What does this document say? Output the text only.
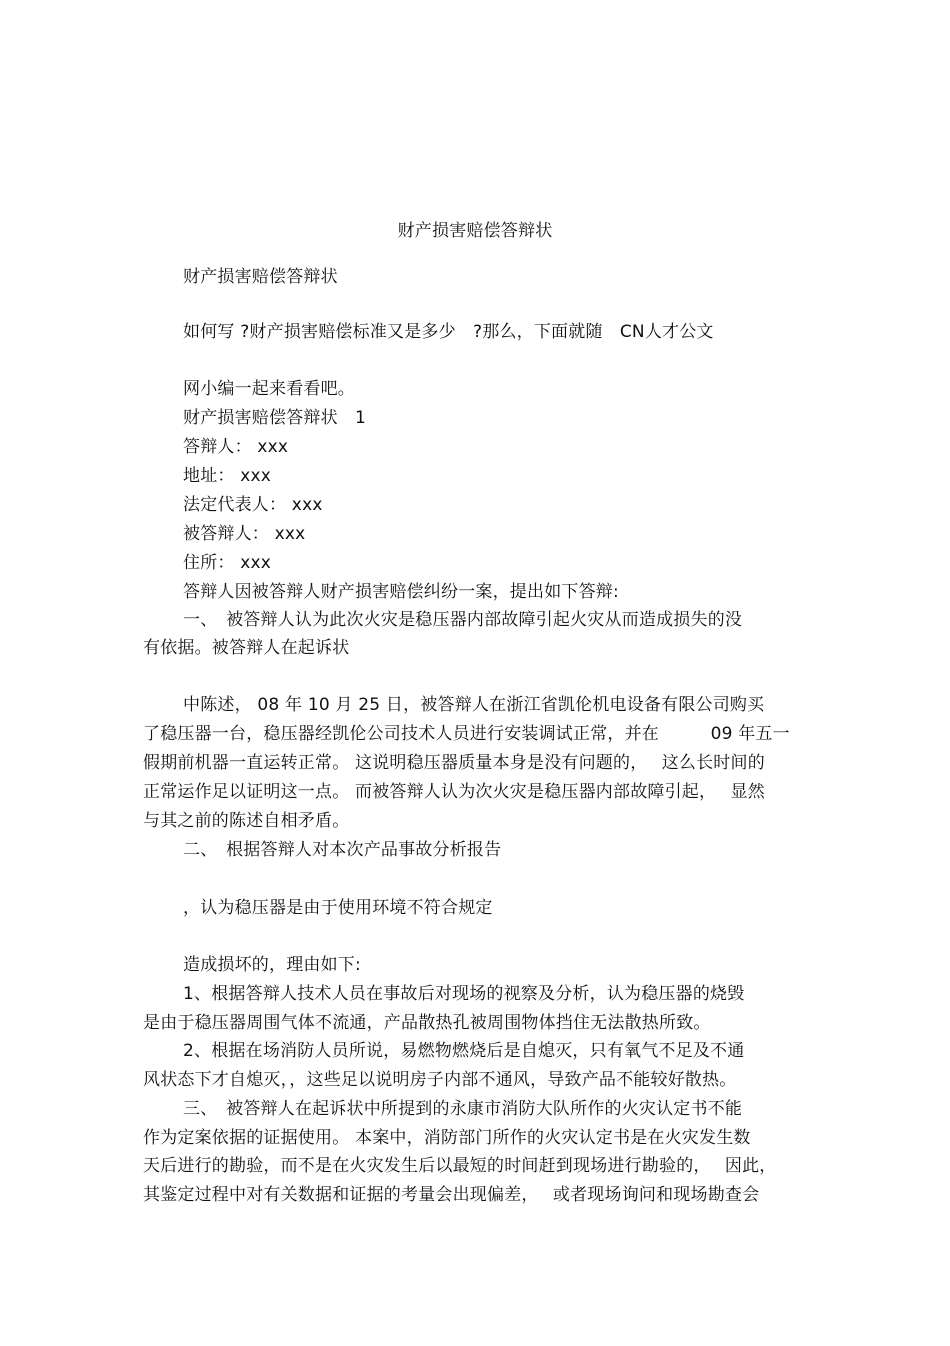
财产损害赔偿答辩状
财产损害赔偿答辩状
如何写 ?财产损害赔偿标准又是多少　?那么，下面就随　CN人才公文
网小编一起来看看吧。
财产损害赔偿答辩状　1
答辩人： xxx
地址： xxx
法定代表人： xxx
被答辩人： xxx
住所： xxx
答辩人因被答辩人财产损害赔偿纠纷一案，提出如下答辩:
一、　被答辩人认为此次火灾是稳压器内部故障引起火灾从而造成损失的没
有依据。被答辩人在起诉状
中陈述， 08 年 10 月 25 日，被答辩人在浙江省凯伦机电设备有限公司购买
了稳压器一台，稳压器经凯伦公司技术人员进行安装调试正常，并在　　　09 年五一
假期前机器一直运转正常。 这说明稳压器质量本身是没有问题的，　 这么长时间的
正常运作足以证明这一点。 而被答辩人认为次火灾是稳压器内部故障引起，　 显然
与其之前的陈述自相矛盾。
二、　根据答辩人对本次产品事故分析报告
，认为稳压器是由于使用环境不符合规定
造成损坏的，理由如下:
1、根据答辩人技术人员在事故后对现场的视察及分析，认为稳压器的烧毁
是由于稳压器周围气体不流通，产品散热孔被周围物体挡住无法散热所致。
2、根据在场消防人员所说，易燃物燃烧后是自熄灭，只有氧气不足及不通
风状态下才自熄灭，，这些足以说明房子内部不通风，导致产品不能较好散热。
三、　被答辩人在起诉状中所提到的永康市消防大队所作的火灾认定书不能
作为定案依据的证据使用。 本案中，消防部门所作的火灾认定书是在火灾发生数
天后进行的勘验，而不是在火灾发生后以最短的时间赶到现场进行勘验的，　 因此，
其鉴定过程中对有关数据和证据的考量会出现偏差，　 或者现场询问和现场勘查会
